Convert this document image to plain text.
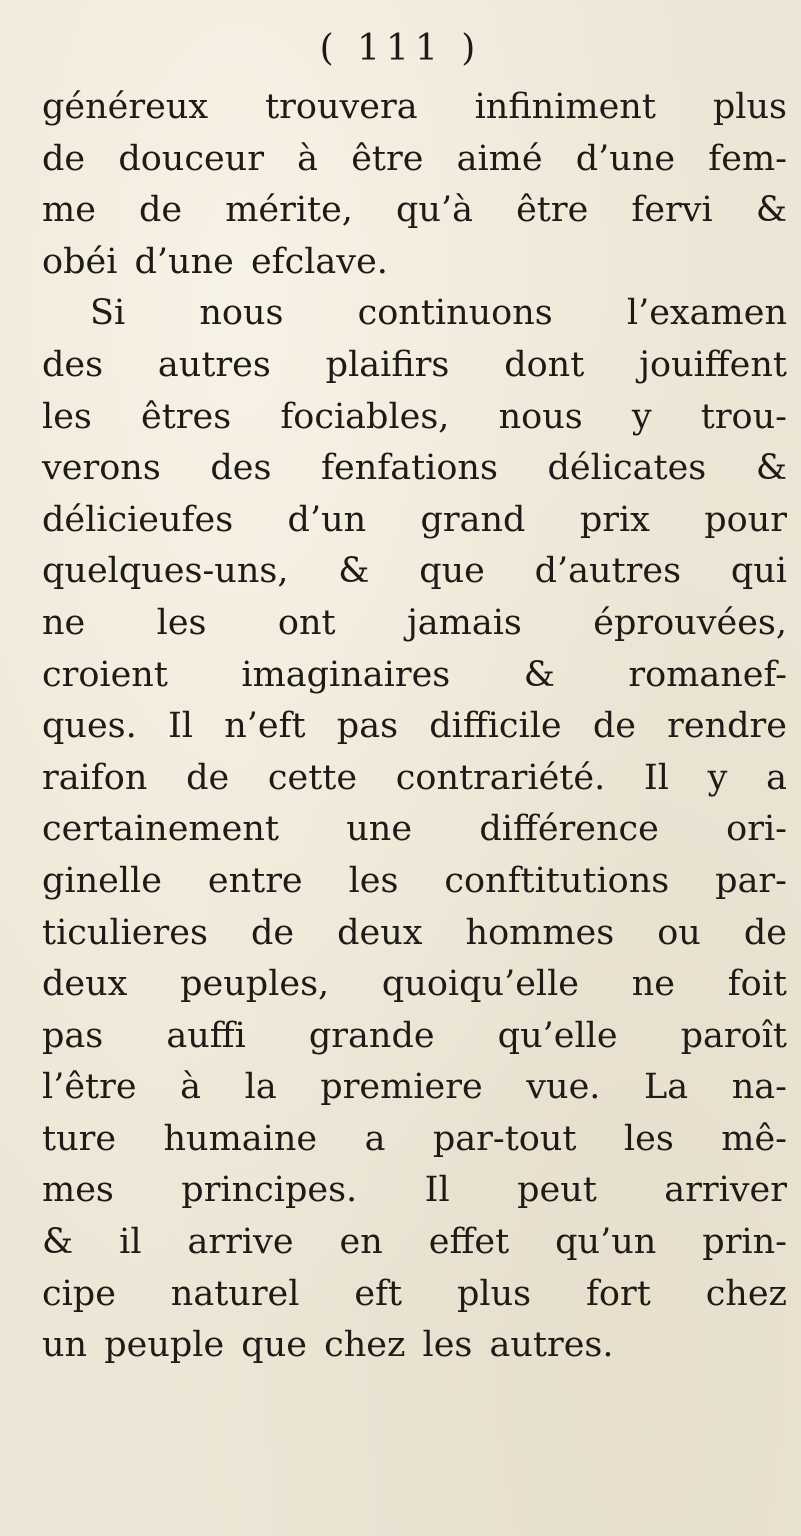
( 111 )
généreux trouvera infiniment plus
de douceur à être aimé d’une fem-
me de mérite, qu’à être fervi &
obéi d’une efclave.
Si nous continuons l’examen
des autres plaifirs dont jouiffent
les êtres fociables, nous y trou-
verons des fenfations délicates &
délicieufes d’un grand prix pour
quelques-uns, & que d’autres qui
ne les ont jamais éprouvées,
croient imaginaires & romanef-
ques. Il n’eft pas difficile de rendre
raifon de cette contrariété. Il y a
certainement une différence ori-
ginelle entre les conftitutions par-
ticulieres de deux hommes ou de
deux peuples, quoiqu’elle ne foit
pas auffi grande qu’elle paroît
l’être à la premiere vue. La na-
ture humaine a par-tout les mê-
mes principes. Il peut arriver
& il arrive en effet qu’un prin-
cipe naturel eft plus fort chez
un peuple que chez les autres.
